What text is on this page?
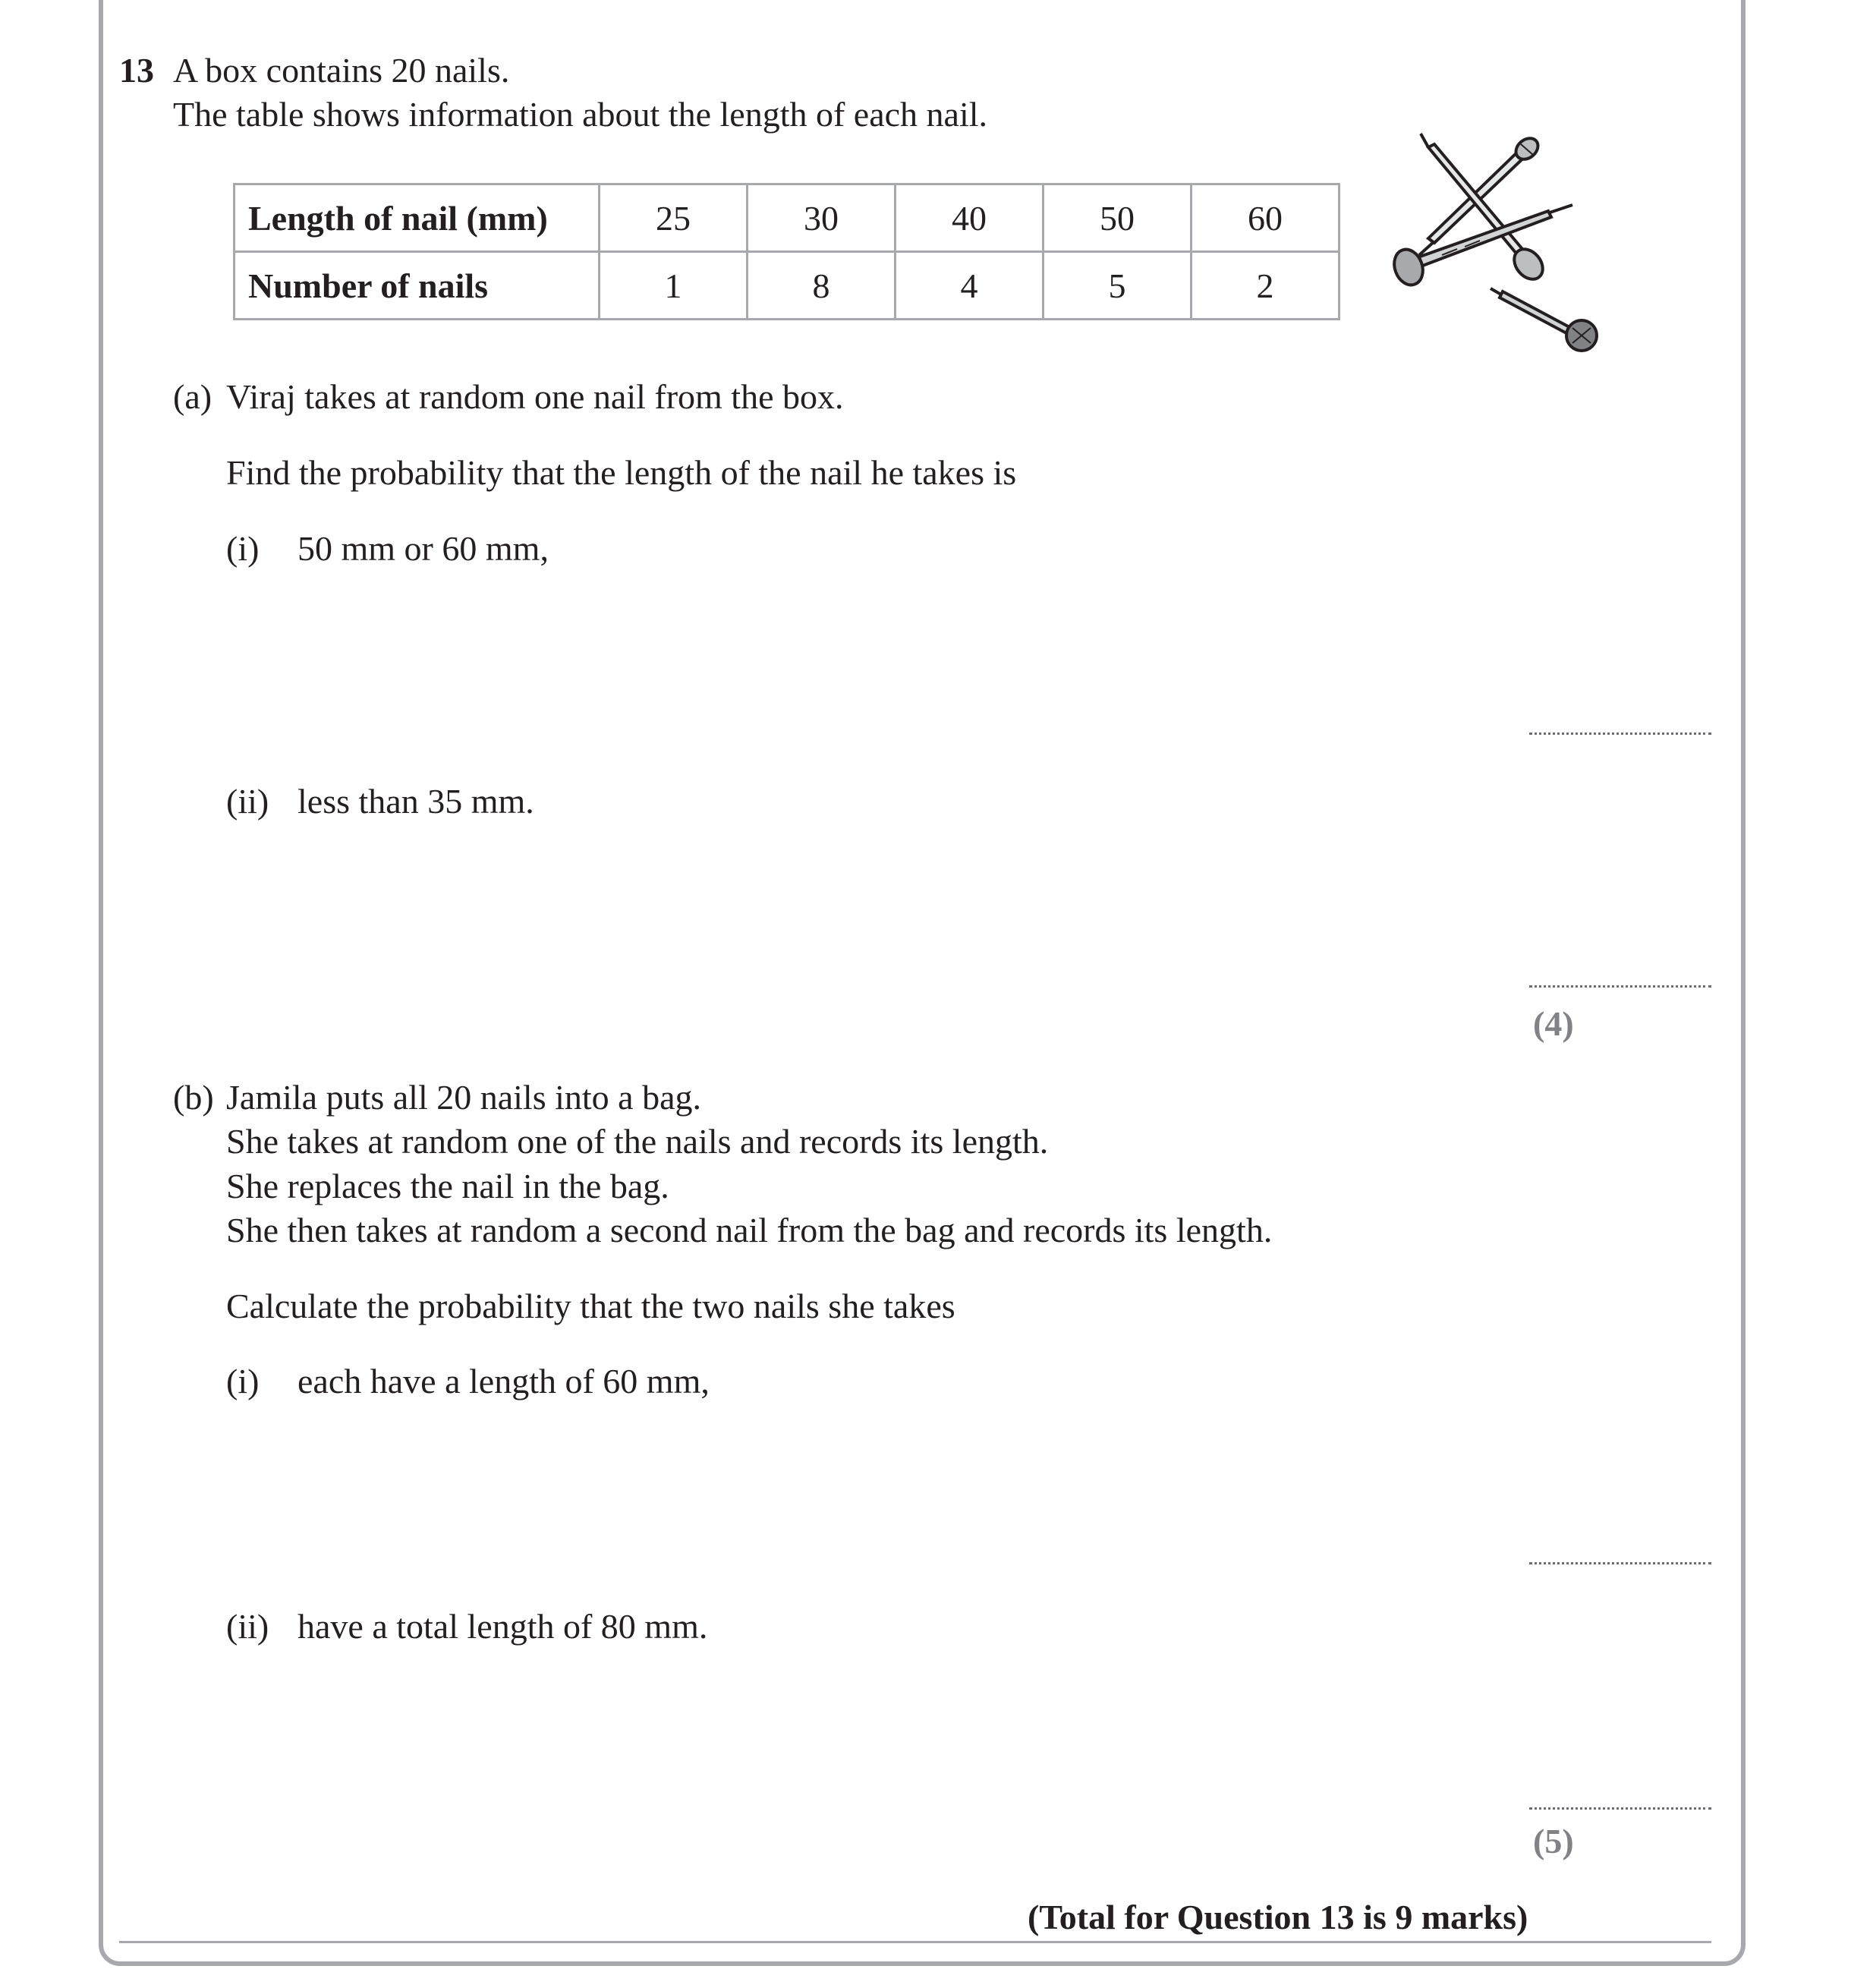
13 A box contains 20 nails.
The table shows information about the length of each nail.
Length of nail (mm)	25	30	40	50	60
Number of nails	1	8	4	5	2
(a) Viraj takes at random one nail from the box.
Find the probability that the length of the nail he takes is
(i) 50 mm or 60 mm,
(ii) less than 35 mm.
(4)
(b) Jamila puts all 20 nails into a bag.
She takes at random one of the nails and records its length.
She replaces the nail in the bag.
She then takes at random a second nail from the bag and records its length.
Calculate the probability that the two nails she takes
(i) each have a length of 60 mm,
(ii) have a total length of 80 mm.
(5)
(Total for Question 13 is 9 marks)
